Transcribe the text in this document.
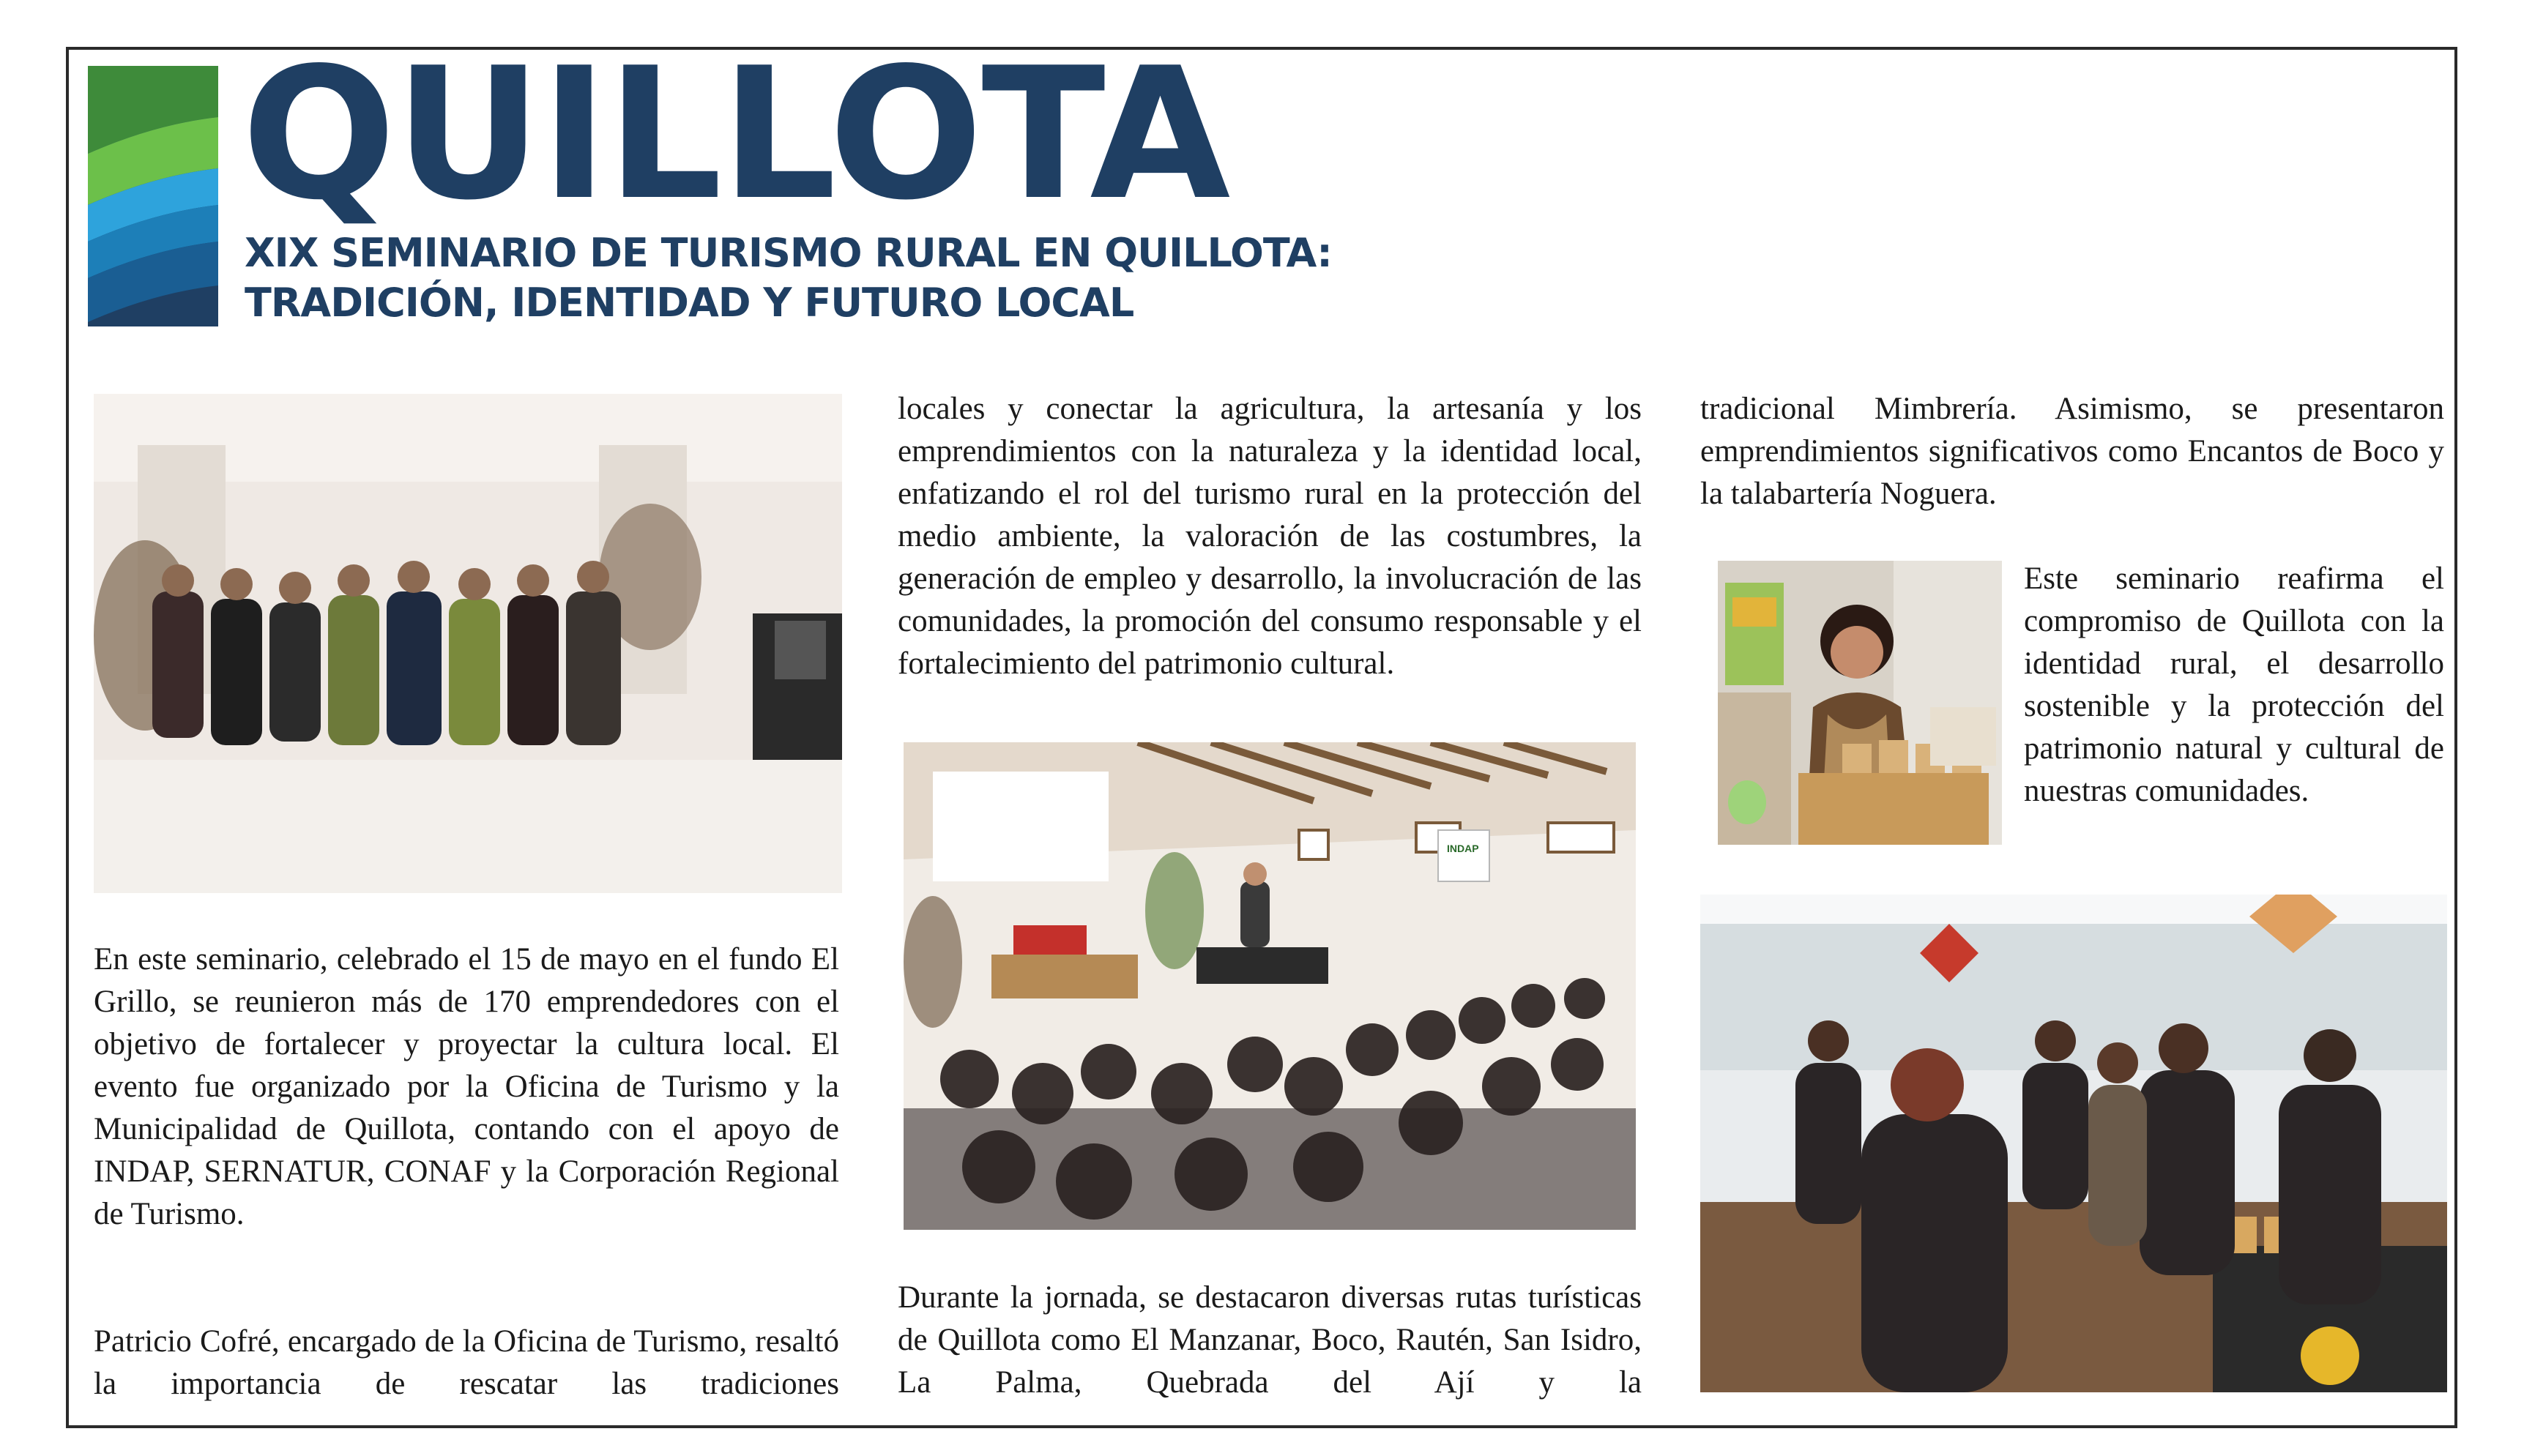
QUILLOTA
XIX SEMINARIO DE TURISMO RURAL EN QUILLOTA:
TRADICIÓN, IDENTIDAD Y FUTURO LOCAL

En este seminario, celebrado el 15 de mayo en el fundo El Grillo, se reunieron más de 170 emprendedores con el objetivo de fortalecer y proyectar la cultura local. El evento fue organizado por la Oficina de Turismo y la Municipalidad de Quillota, contando con el apoyo de INDAP, SERNATUR, CONAF y la Corporación Regional de Turismo.

Patricio Cofré, encargado de la Oficina de Turismo, resaltó la importancia de rescatar las tradiciones

locales y conectar la agricultura, la artesanía y los emprendimientos con la naturaleza y la identidad local, enfatizando el rol del turismo rural en la protección del medio ambiente, la valoración de las costumbres, la generación de empleo y desarrollo, la involucración de las comunidades, la promoción del consumo responsable y el fortalecimiento del patrimonio cultural.

INDAP

Durante la jornada, se destacaron diversas rutas turísticas de Quillota como El Manzanar, Boco, Rautén, San Isidro, La Palma, Quebrada del Ají y la

tradicional Mimbrería. Asimismo, se presentaron emprendimientos significativos como Encantos de Boco y la talabartería Noguera.

Este seminario reafirma el compromiso de Quillota con la identidad rural, el desarrollo sostenible y la protección del patrimonio natural y cultural de nuestras comunidades.
